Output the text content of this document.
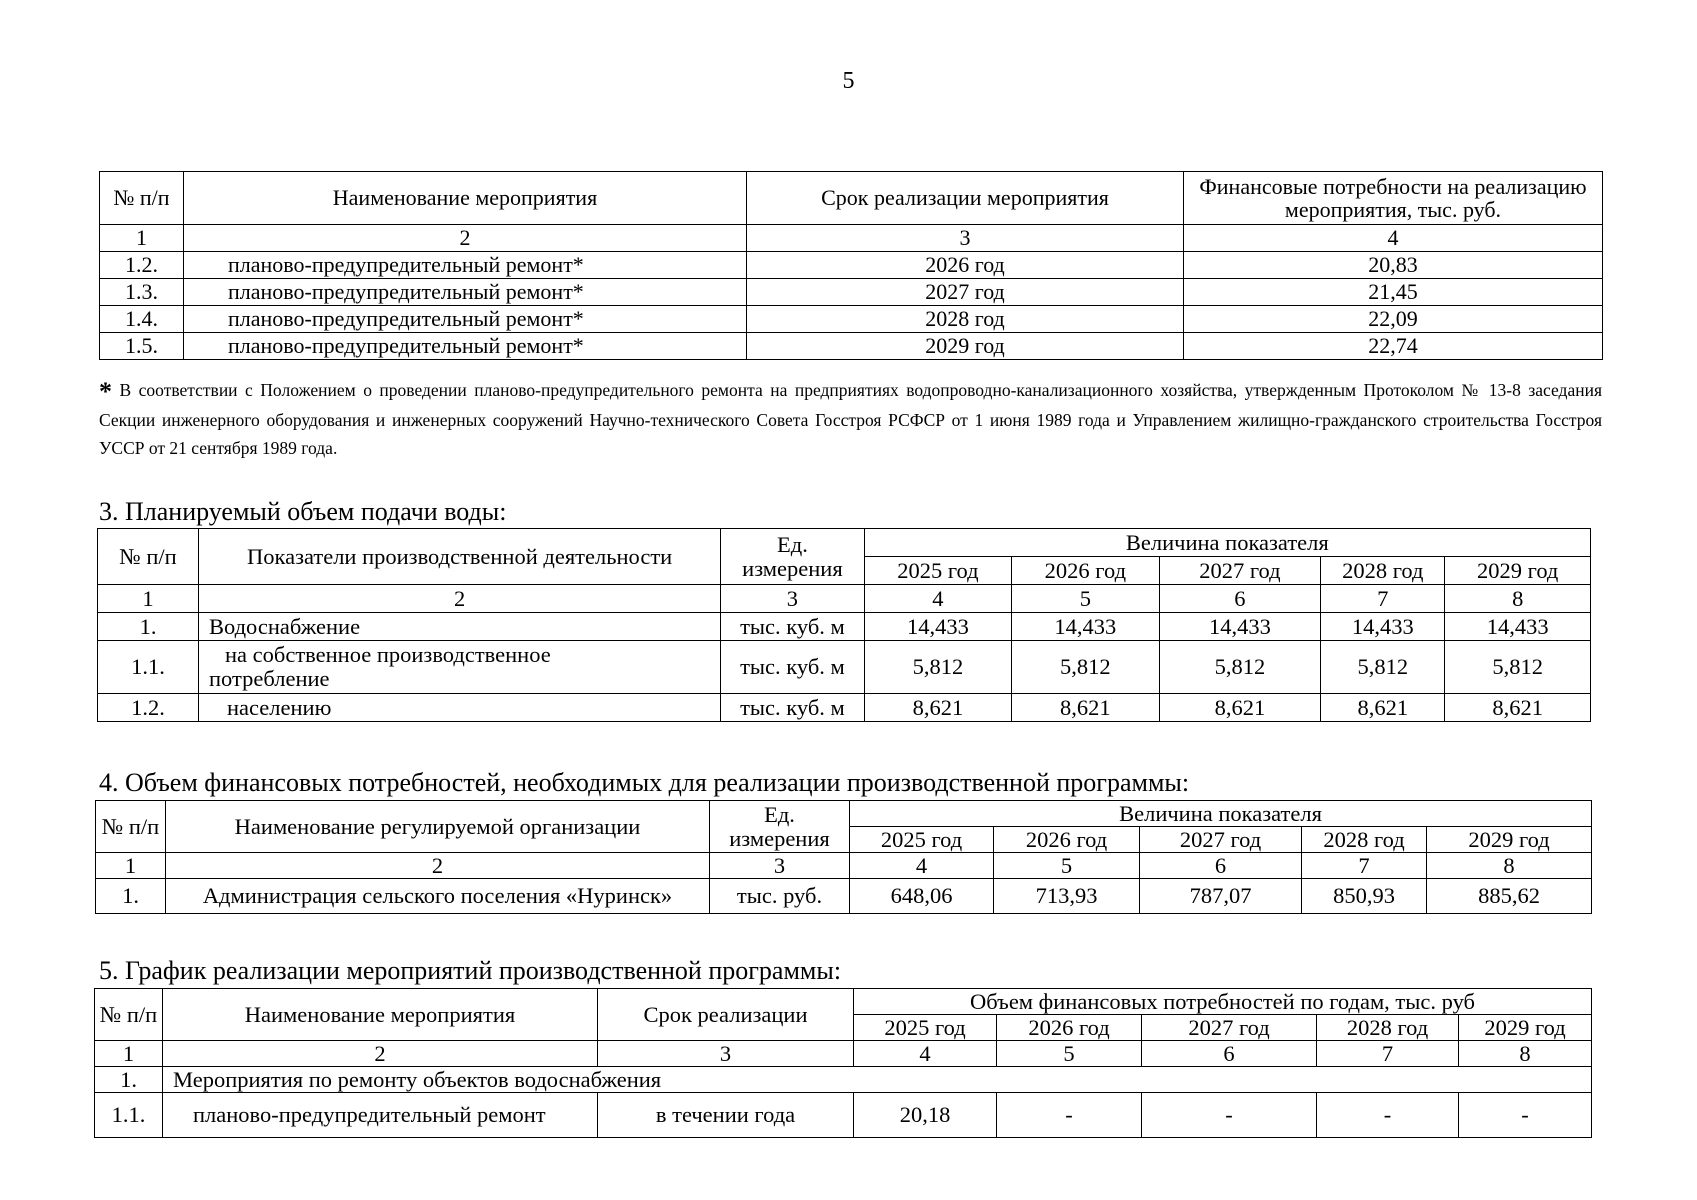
5
№ п/п	Наименование мероприятия	Срок реализации мероприятия	Финансовые потребности на реализацию мероприятия, тыс. руб.
1	2	3	4
1.2.	планово-предупредительный ремонт*	2026 год	20,83
1.3.	планово-предупредительный ремонт*	2027 год	21,45
1.4.	планово-предупредительный ремонт*	2028 год	22,09
1.5.	планово-предупредительный ремонт*	2029 год	22,74
* В соответствии с Положением о проведении планово-предупредительного ремонта на предприятиях водопроводно-канализационного хозяйства, утвержденным Протоколом № 13-8 заседания Секции инженерного оборудования и инженерных сооружений Научно-технического Совета Госстроя РСФСР от 1 июня 1989 года и Управлением жилищно-гражданского строительства Госстроя УССР от 21 сентября 1989 года.
3. Планируемый объем подачи воды:
№ п/п	Показатели производственной деятельности	Ед. измерения	Величина показателя				
			2025 год	2026 год	2027 год	2028 год	2029 год
1	2	3	4	5	6	7	8
1.	Водоснабжение	тыс. куб. м	14,433	14,433	14,433	14,433	14,433
1.1.	на собственное производственное потребление	тыс. куб. м	5,812	5,812	5,812	5,812	5,812
1.2.	населению	тыс. куб. м	8,621	8,621	8,621	8,621	8,621
4. Объем финансовых потребностей, необходимых для реализации производственной программы:
№ п/п	Наименование регулируемой организации	Ед. измерения	Величина показателя				
			2025 год	2026 год	2027 год	2028 год	2029 год
1	2	3	4	5	6	7	8
1.	Администрация сельского поселения «Нуринск»	тыс. руб.	648,06	713,93	787,07	850,93	885,62
5. График реализации мероприятий производственной программы:
№ п/п	Наименование мероприятия	Срок реализации	Объем финансовых потребностей по годам, тыс. руб				
			2025 год	2026 год	2027 год	2028 год	2029 год
1	2	3	4	5	6	7	8
1.	Мероприятия по ремонту объектов водоснабжения						
1.1.	планово-предупредительный ремонт	в течении года	20,18	-	-	-	-
